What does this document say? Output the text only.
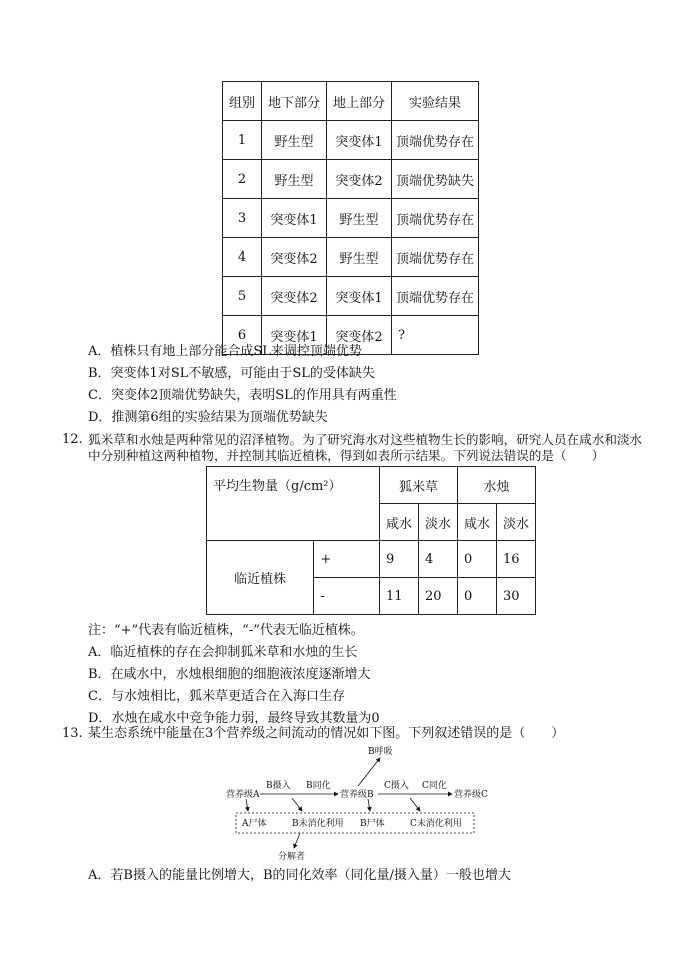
组别	地下部分	地上部分	实验结果
1	野生型	突变体1	顶端优势存在
2	野生型	突变体2	顶端优势缺失
3	突变体1	野生型	顶端优势存在
4	突变体2	野生型	顶端优势存在
5	突变体2	突变体1	顶端优势存在
6	突变体1	突变体2	?
A．植株只有地上部分能合成SL来调控顶端优势
B．突变体1对SL不敏感，可能由于SL的受体缺失
C．突变体2顶端优势缺失，表明SL的作用具有两重性
D．推测第6组的实验结果为顶端优势缺失
12. 狐米草和水烛是两种常见的沼泽植物。为了研究海水对这些植物生长的影响，研究人员在咸水和淡水
中分别种植这两种植物，并控制其临近植株，得到如表所示结果。下列说法错误的是（　　）
平均生物量（g/cm²）		狐米草		水烛	
		咸水	淡水	咸水	淡水
临近植株	+	9	4	0	16
	-	11	20	0	30
注：“+”代表有临近植株，“-”代表无临近植株。
A．临近植株的存在会抑制狐米草和水烛的生长
B．在咸水中，水烛根细胞的细胞液浓度逐渐增大
C．与水烛相比，狐米草更适合在入海口生存
D．水烛在咸水中竞争能力弱，最终导致其数量为0
13. 某生态系统中能量在3个营养级之间流动的情况如下图。下列叙述错误的是（　　）
营养级A	营养级B	营养级C
B摄入 B同化
B呼吸
C摄入 C同化
A尸体	B未消化利用 B尸体	C未消化利用
分解者
A．若B摄入的能量比例增大，B的同化效率（同化量/摄入量）一般也增大
